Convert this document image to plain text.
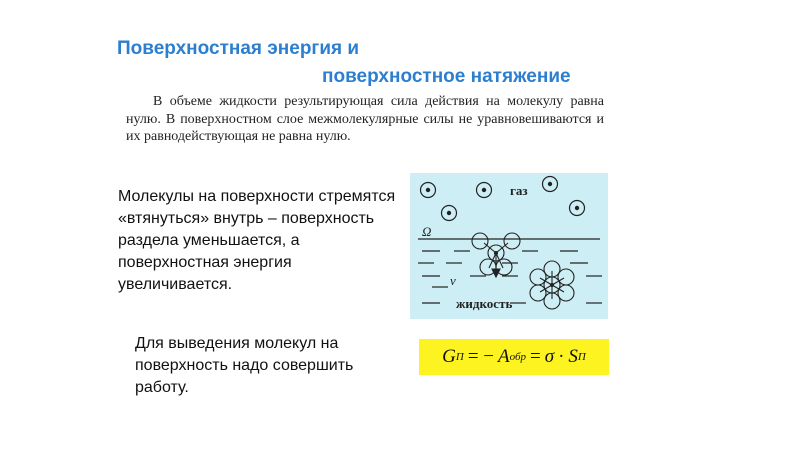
Поверхностная энергия и
поверхностное натяжение
В объеме жидкости результирующая сила действия на молекулу равна нулю. В поверхностном слое межмолекулярные силы не уравновешиваются и их равнодействующая не равна нулю.
Молекулы на поверхности стремятся «втянуться» внутрь – поверхность раздела уменьшается, а поверхностная энергия увеличивается.
газ
жидкость
Ω
v
G П = − A обр = σ · S П
Для выведения молекул на поверхность надо совершить работу.
